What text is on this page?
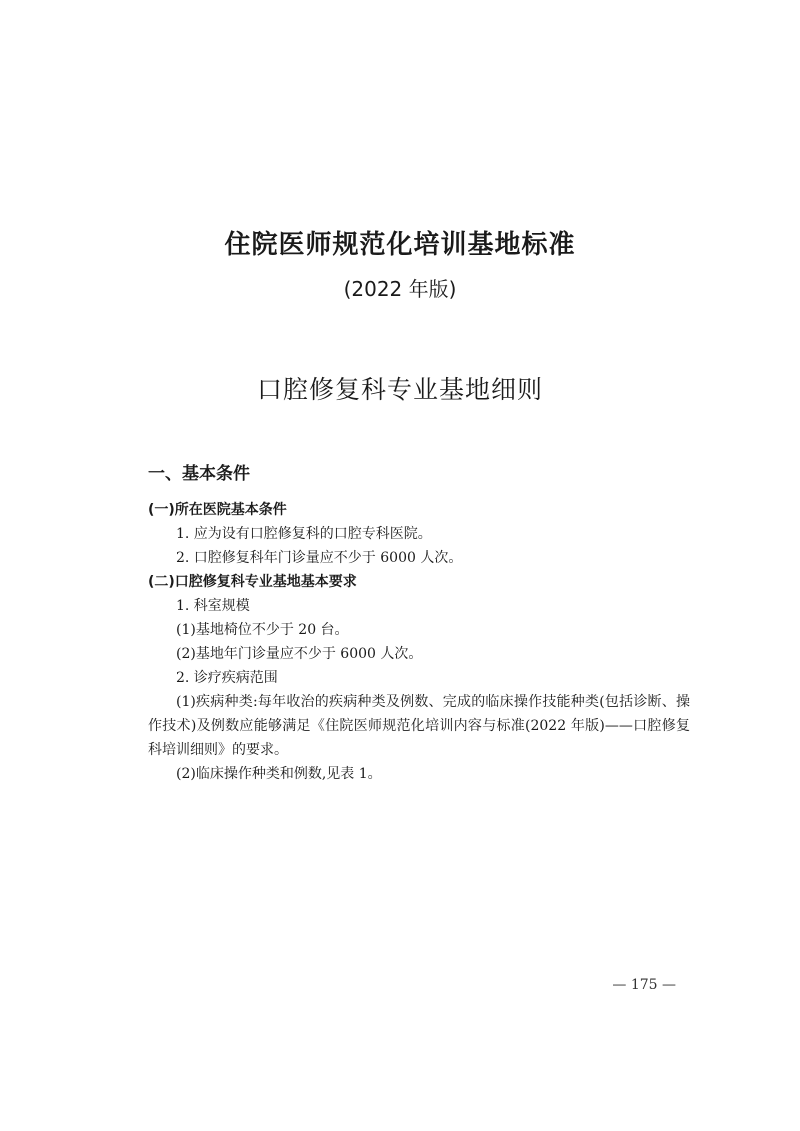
住院医师规范化培训基地标准
(2022 年版)
口腔修复科专业基地细则
一、基本条件
(一)所在医院基本条件
1. 应为设有口腔修复科的口腔专科医院。
2. 口腔修复科年门诊量应不少于 6000 人次。
(二)口腔修复科专业基地基本要求
1. 科室规模
(1)基地椅位不少于 20 台。
(2)基地年门诊量应不少于 6000 人次。
2. 诊疗疾病范围

(1)疾病种类:每年收治的疾病种类及例数、完成的临床操作技能种类(包括诊断、操作技术)及例数应能够满足《住院医师规范化培训内容与标准(2022 年版)——口腔修复科培训细则》的要求。

(2)临床操作种类和例数,见表 1。
— 175 —
